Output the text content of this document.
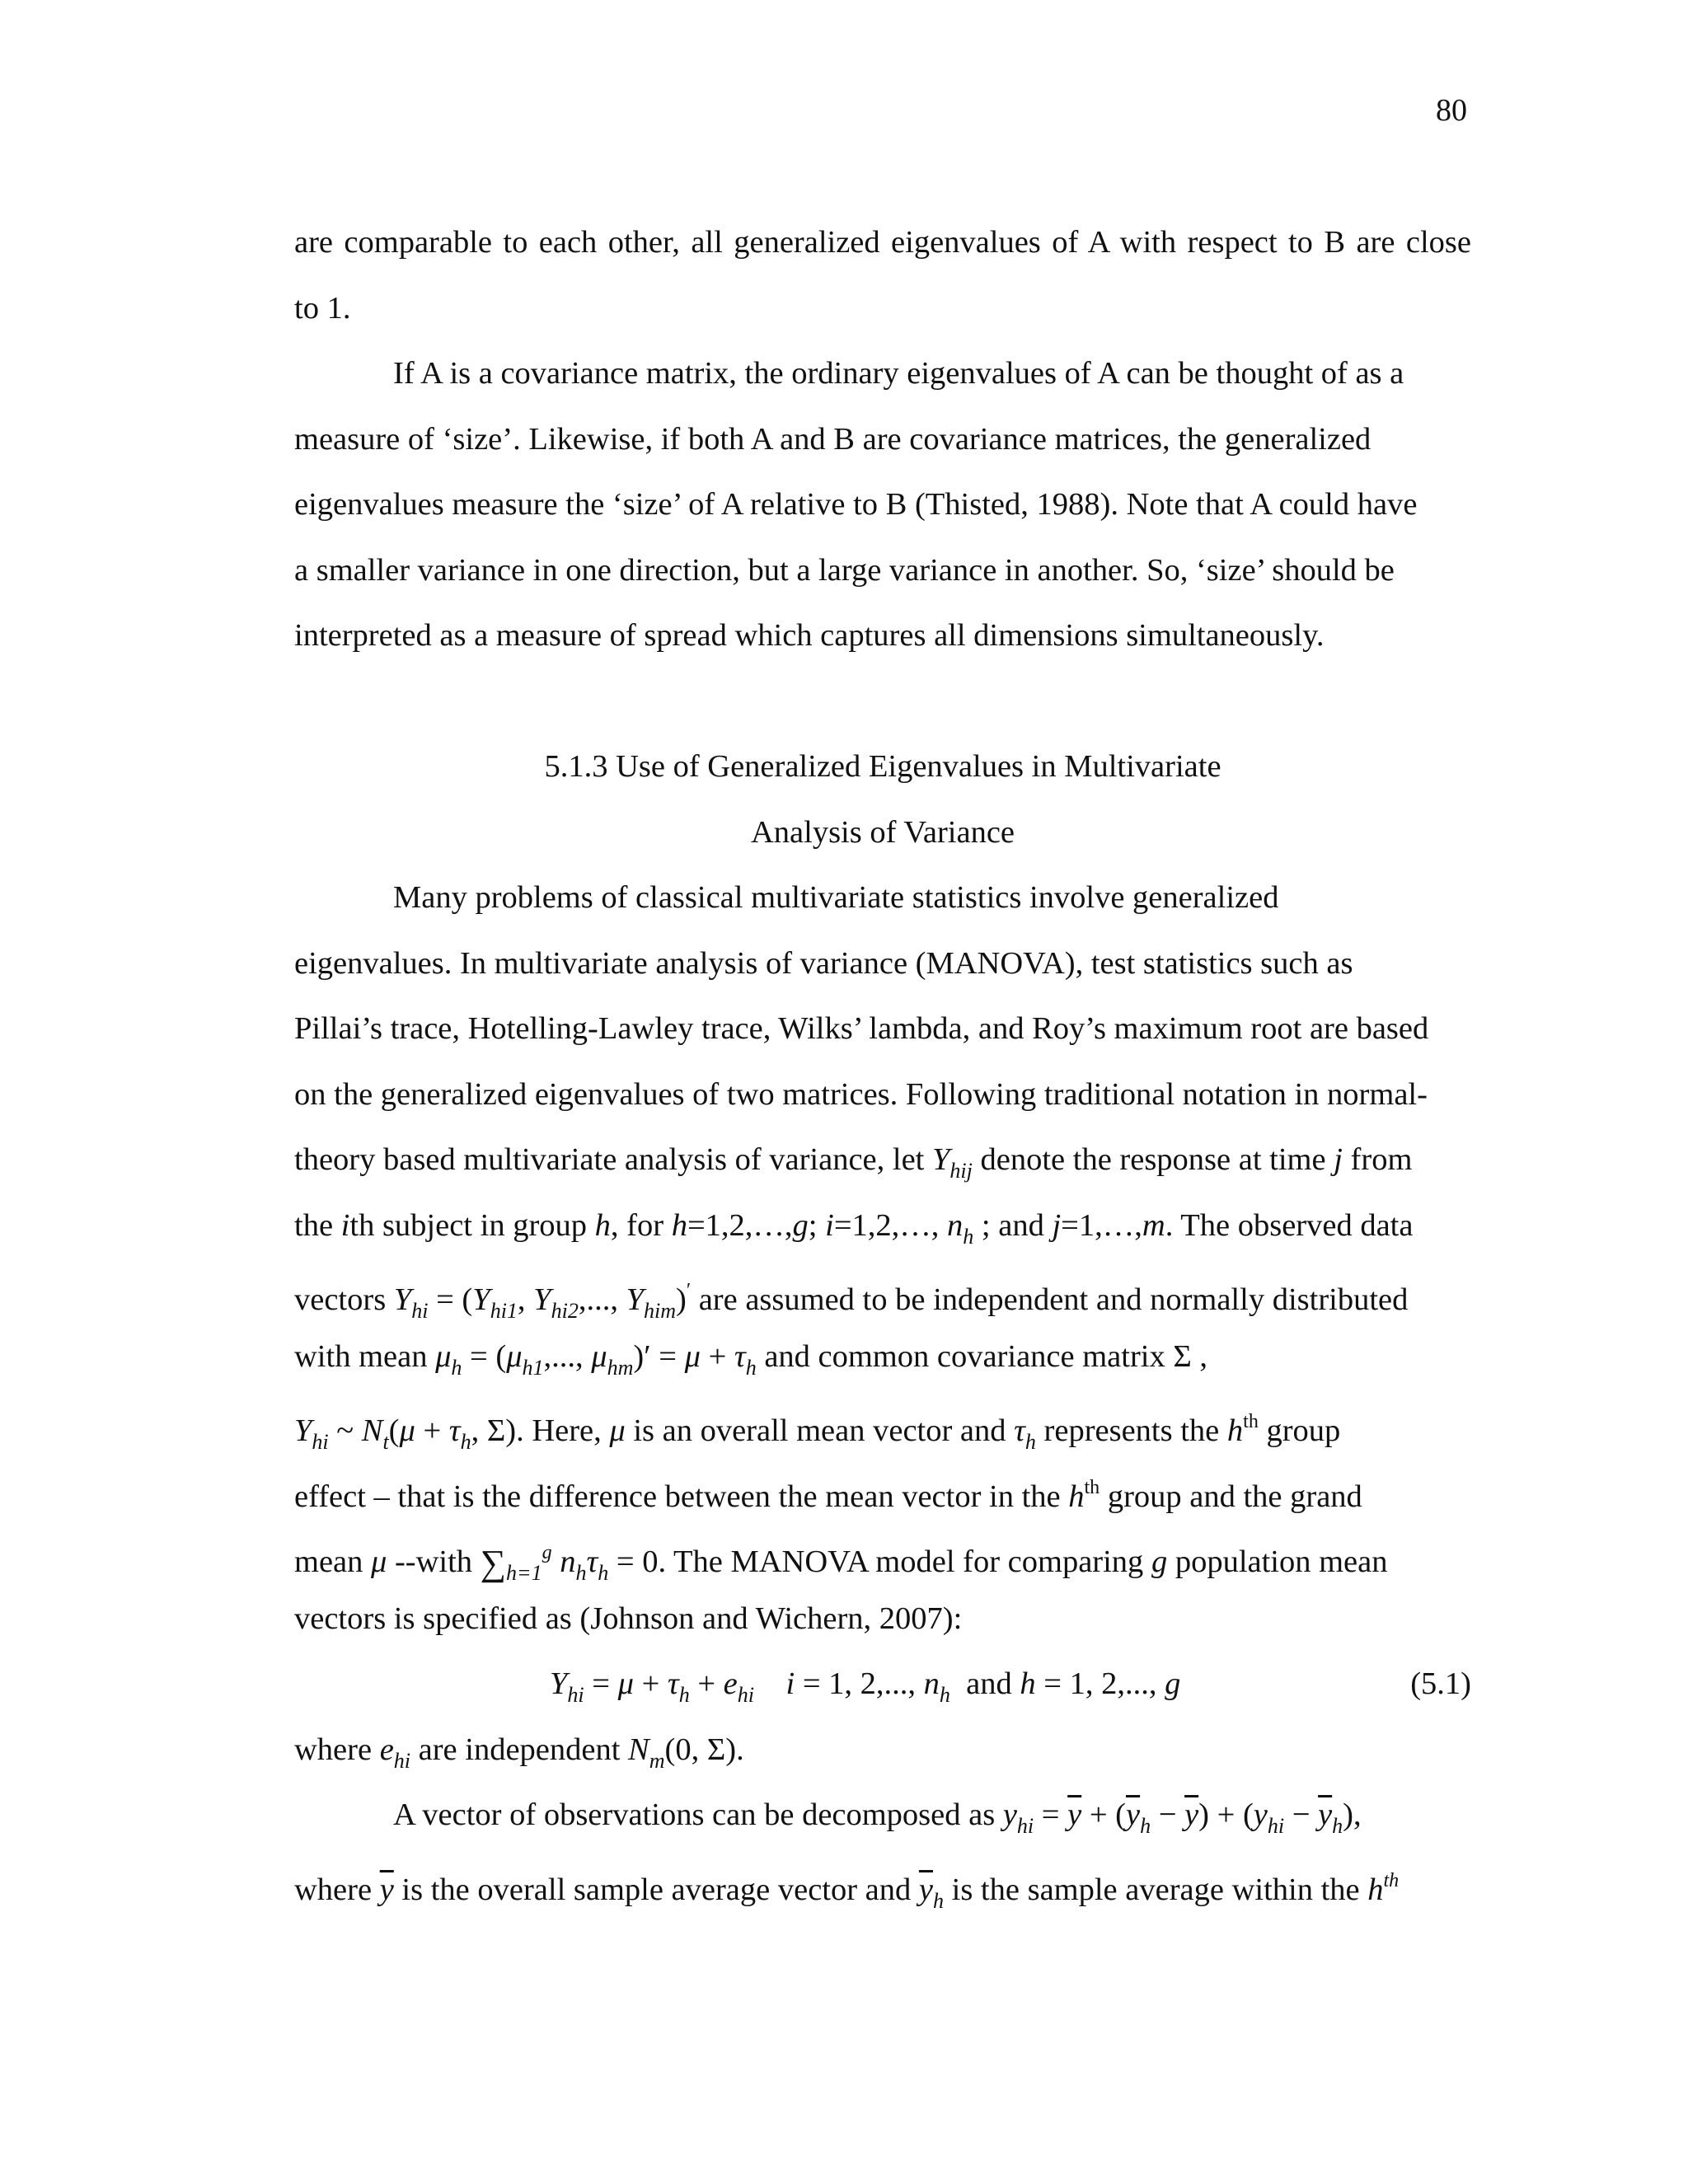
80
are comparable to each other, all generalized eigenvalues of A with respect to B are close
to 1.
If A is a covariance matrix, the ordinary eigenvalues of A can be thought of as a
measure of ‘size’. Likewise, if both A and B are covariance matrices, the generalized
eigenvalues measure the ‘size’ of A relative to B (Thisted, 1988). Note that A could have
a smaller variance in one direction, but a large variance in another. So, ‘size’ should be
interpreted as a measure of spread which captures all dimensions simultaneously.
5.1.3 Use of Generalized Eigenvalues in Multivariate
Analysis of Variance
Many problems of classical multivariate statistics involve generalized
eigenvalues. In multivariate analysis of variance (MANOVA), test statistics such as
Pillai’s trace, Hotelling-Lawley trace, Wilks’ lambda, and Roy’s maximum root are based
on the generalized eigenvalues of two matrices. Following traditional notation in normal-
theory based multivariate analysis of variance, let $Y_{hij}$ denote the response at time j from
the ith subject in group h, for h=1,2,…,g; i=1,2,…, $n_h$ ; and j=1,…,m. The observed data
vectors $Y_{hi} = (Y_{hi1}$, $Y_{hi2}$,..., $Y_{him})'$ are assumed to be independent and normally distributed
with mean $\mu_h = (\mu_{h1}$,..., $\mu_{hm})' = \mu + \tau_h$ and common covariance matrix Σ ,
$Y_{hi}$ ~ $N_t(\mu + \tau_h$, Σ). Here, μ is an overall mean vector and $\tau_h$ represents the $h^{th}$ group
effect – that is the difference between the mean vector in the $h^{th}$ group and the grand
mean μ --with $\sum_{h=1}^g$ $n_h\tau_h = 0$. The MANOVA model for comparing g population mean
vectors is specified as (Johnson and Wichern, 2007):
$Y_{hi} = \mu + \tau_h + e_{hi}$ i = 1, 2,..., $n_h$ and h = 1, 2,..., g	(5.1)
where $e_{hi}$ are independent $N_m(0$, Σ).
A vector of observations can be decomposed as $y_{hi} = \overline{y} + (\overline{y}_h - \overline{y}) + (y_{hi} - \overline{y}_h)$,
where $\overline{y}$ is the overall sample average vector and $\overline{y}_h$ is the sample average within the $h^{th}$
